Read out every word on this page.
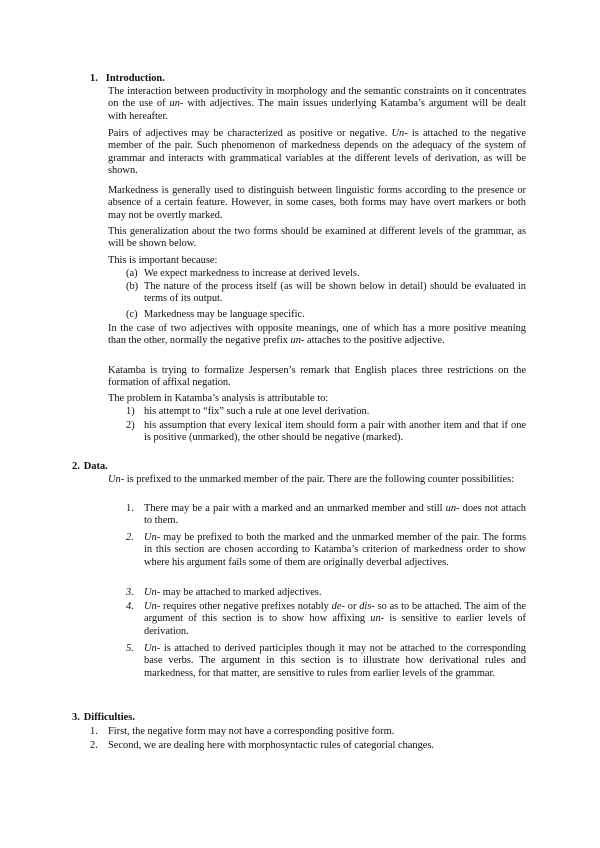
1. Introduction.

The interaction between productivity in morphology and the semantic constraints on it concentrates on the use of un- with adjectives. The main issues underlying Katamba’s argument will be dealt with hereafter.

Pairs of adjectives may be characterized as positive or negative. Un- is attached to the negative member of the pair. Such phenomenon of markedness depends on the adequacy of the system of grammar and interacts with grammatical variables at the different levels of derivation, as will be shown.

Markedness is generally used to distinguish between linguistic forms according to the presence or absence of a certain feature. However, in some cases, both forms may have overt markers or both may not be overtly marked.

This generalization about the two forms should be examined at different levels of the grammar, as will be shown below.

This is important because:

(a) We expect markedness to increase at derived levels.
(b) The nature of the process itself (as will be shown below in detail) should be evaluated in terms of its output.
(c) Markedness may be language specific.

In the case of two adjectives with opposite meanings, one of which has a more positive meaning than the other, normally the negative prefix un- attaches to the positive adjective.

Katamba is trying to formalize Jespersen’s remark that English places three restrictions on the formation of affixal negation.

The problem in Katamba’s analysis is attributable to:

1) his attempt to “fix” such a rule at one level derivation.
2) his assumption that every lexical item should form a pair with another item and that if one is positive (unmarked), the other should be negative (marked).
2. Data.

Un- is prefixed to the unmarked member of the pair. There are the following counter possibilities:

1. There may be a pair with a marked and an unmarked member and still un- does not attach to them.
2. Un- may be prefixed to both the marked and the unmarked member of the pair. The forms in this section are chosen according to Katamba’s criterion of markedness order to show where his argument fails some of them are originally deverbal adjectives.
3. Un- may be attached to marked adjectives.
4. Un- requires other negative prefixes notably de- or dis- so as to be attached. The aim of the argument of this section is to show how affixing un- is sensitive to earlier levels of derivation.
5. Un- is attached to derived participles though it may not be attached to the corresponding base verbs. The argument in this section is to illustrate how derivational rules and markedness, for that matter, are sensitive to rules from earlier levels of the grammar.
3. Difficulties.
1. First, the negative form may not have a corresponding positive form.
2. Second, we are dealing here with morphosyntactic rules of categorial changes.
